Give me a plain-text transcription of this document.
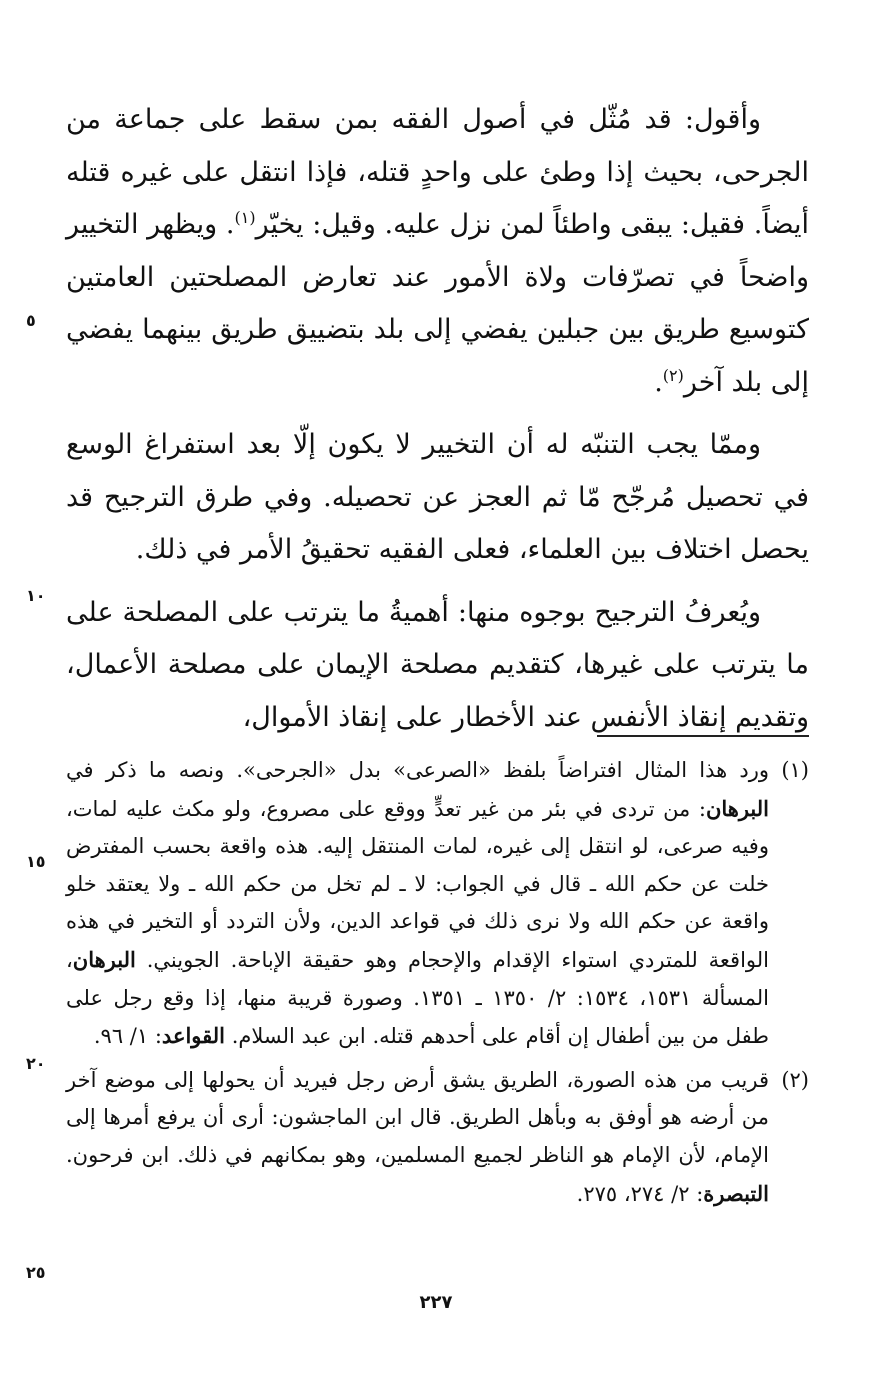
وأقول: قد مُثّل في أصول الفقه بمن سقط على جماعة من الجرحى، بحيث إذا وطئ على واحدٍ قتله، فإذا انتقل على غيره قتله أيضاً. فقيل: يبقى واطئاً لمن نزل عليه. وقيل: يخيّر$^{(١)}$. ويظهر التخيير واضحاً في تصرّفات ولاة الأمور عند تعارض المصلحتين العامتين كتوسيع طريق بين جبلين يفضي إلى بلد بتضييق طريق بينهما يفضي إلى بلد آخر$^{(٢)}$.

وممّا يجب التنبّه له أن التخيير لا يكون إلّا بعد استفراغ الوسع في تحصيل مُرجّح مّا ثم العجز عن تحصيله. وفي طرق الترجيح قد يحصل اختلاف بين العلماء، فعلى الفقيه تحقيقُ الأمر في ذلك.

ويُعرفُ الترجيح بوجوه منها: أهميةُ ما يترتب على المصلحة على ما يترتب على غيرها، كتقديم مصلحة الإيمان على مصلحة الأعمال، وتقديم إنقاذ الأنفس عند الأخطار على إنقاذ الأموال،

(١)
ورد هذا المثال افتراضاً بلفظ «الصرعى» بدل «الجرحى». ونصه ما ذكر في البرهان: من تردى في بئر من غير تعدٍّ ووقع على مصروع، ولو مكث عليه لمات، وفيه صرعى، لو انتقل إلى غيره، لمات المنتقل إليه. هذه واقعة بحسب المفترض خلت عن حكم الله ـ قال في الجواب: لا ـ لم تخل من حكم الله ـ ولا يعتقد خلو واقعة عن حكم الله ولا نرى ذلك في قواعد الدين، ولأن التردد أو التخير في هذه الواقعة للمتردي استواء الإقدام والإحجام وهو حقيقة الإباحة. الجويني. البرهان، المسألة ١٥٣١، ١٥٣٤: ٢/ ١٣٥٠ ـ ١٣٥١. وصورة قريبة منها، إذا وقع رجل على طفل من بين أطفال إن أقام على أحدهم قتله. ابن عبد السلام. القواعد: ١/ ٩٦.
(٢)
قريب من هذه الصورة، الطريق يشق أرض رجل فيريد أن يحولها إلى موضع آخر من أرضه هو أوفق به وبأهل الطريق. قال ابن الماجشون: أرى أن يرفع أمرها إلى الإمام، لأن الإمام هو الناظر لجميع المسلمين، وهو بمكانهم في ذلك. ابن فرحون. التبصرة: ٢/ ٢٧٤، ٢٧٥.
٥
١٠
١٥
٢٠
٢٥
٢٢٧
